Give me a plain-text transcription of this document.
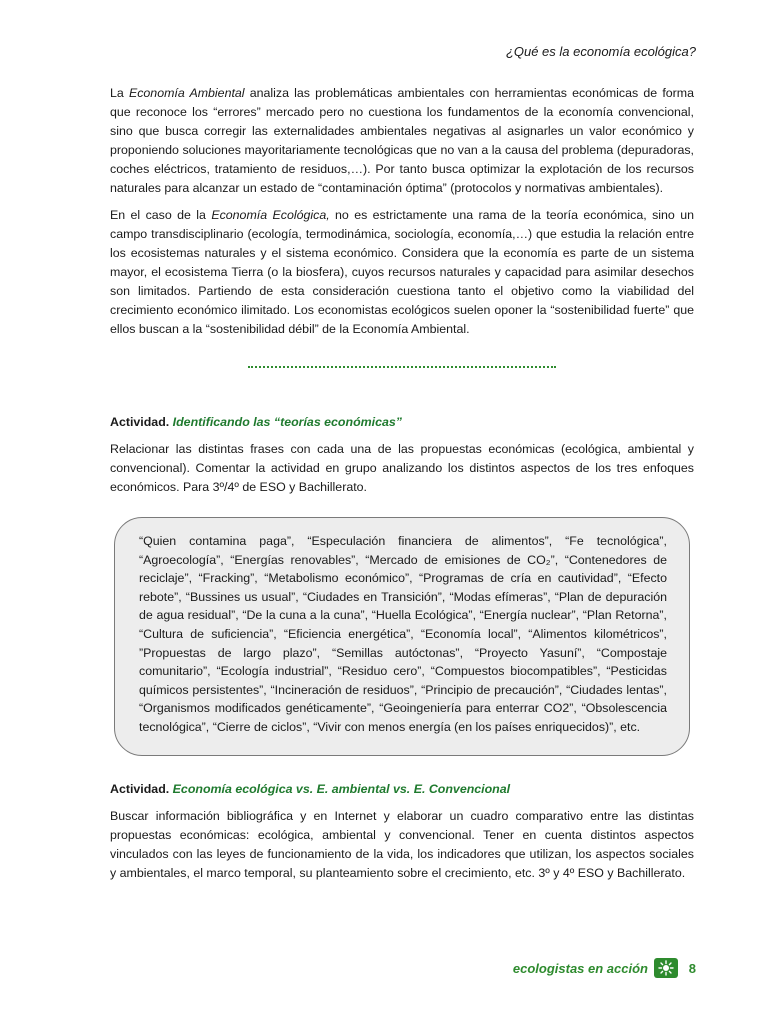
¿Qué es la economía ecológica?

La Economía Ambiental analiza las problemáticas ambientales con herramientas económicas de forma que reconoce los “errores” mercado pero no cuestiona los fundamentos de la economía convencional, sino que busca corregir las externalidades ambientales negativas al asignarles un valor económico y proponiendo soluciones mayoritariamente tecnológicas que no van a la causa del problema (depuradoras, coches eléctricos, tratamiento de residuos,…). Por tanto busca optimizar la explotación de los recursos naturales para alcanzar un estado de “contaminación óptima” (protocolos y normativas ambientales).

En el caso de la Economía Ecológica, no es estrictamente una rama de la teoría económica, sino un campo transdisciplinario (ecología, termodinámica, sociología, economía,…) que estudia la relación entre los ecosistemas naturales y el sistema económico. Considera que la economía es parte de un sistema mayor, el ecosistema Tierra (o la biosfera), cuyos recursos naturales y capacidad para asimilar desechos son limitados. Partiendo de esta consideración cuestiona tanto el objetivo como la viabilidad del crecimiento económico ilimitado. Los economistas ecológicos suelen oponer la “sostenibilidad fuerte” que ellos buscan a la “sostenibilidad débil” de la Economía Ambiental.

Actividad. Identificando las “teorías económicas”

Relacionar las distintas frases con cada una de las propuestas económicas (ecológica, ambiental y convencional). Comentar la actividad en grupo analizando los distintos aspectos de los tres enfoques económicos. Para 3º/4º de ESO y Bachillerato.

“Quien contamina paga”, “Especulación financiera de alimentos”, “Fe tecnológica”, “Agroecología”, “Energías renovables”, “Mercado de emisiones de CO₂”, “Contenedores de reciclaje”, “Fracking”, “Metabolismo económico”, “Programas de cría en cautividad”, “Efecto rebote”, “Bussines us usual”, “Ciudades en Transición”, “Modas efímeras”, “Plan de depuración de agua residual”, “De la cuna a la cuna”, “Huella Ecológica”, “Energía nuclear”, “Plan Retorna”, “Cultura de suficiencia”, “Eficiencia energética”, “Economía local”, “Alimentos kilométricos”, ”Propuestas de largo plazo”, “Semillas autóctonas”, “Proyecto Yasuní”, “Compostaje comunitario”, “Ecología industrial”, “Residuo cero”, “Compuestos biocompatibles”, “Pesticidas químicos persistentes”, “Incineración de residuos”, “Principio de precaución”, “Ciudades lentas”, “Organismos modificados genéticamente”, “Geoingeniería para enterrar CO2”, “Obsolescencia tecnológica”, “Cierre de ciclos”, “Vivir con menos energía (en los países enriquecidos)”, etc.

Actividad. Economía ecológica vs. E. ambiental vs. E. Convencional

Buscar información bibliográfica y en Internet y elaborar un cuadro comparativo entre las distintas propuestas económicas: ecológica, ambiental y convencional. Tener en cuenta distintos aspectos vinculados con las leyes de funcionamiento de la vida, los indicadores que utilizan, los aspectos sociales y ambientales, el marco temporal, su planteamiento sobre el crecimiento, etc. 3º y 4º ESO y Bachillerato.

ecologistas en acción	8
